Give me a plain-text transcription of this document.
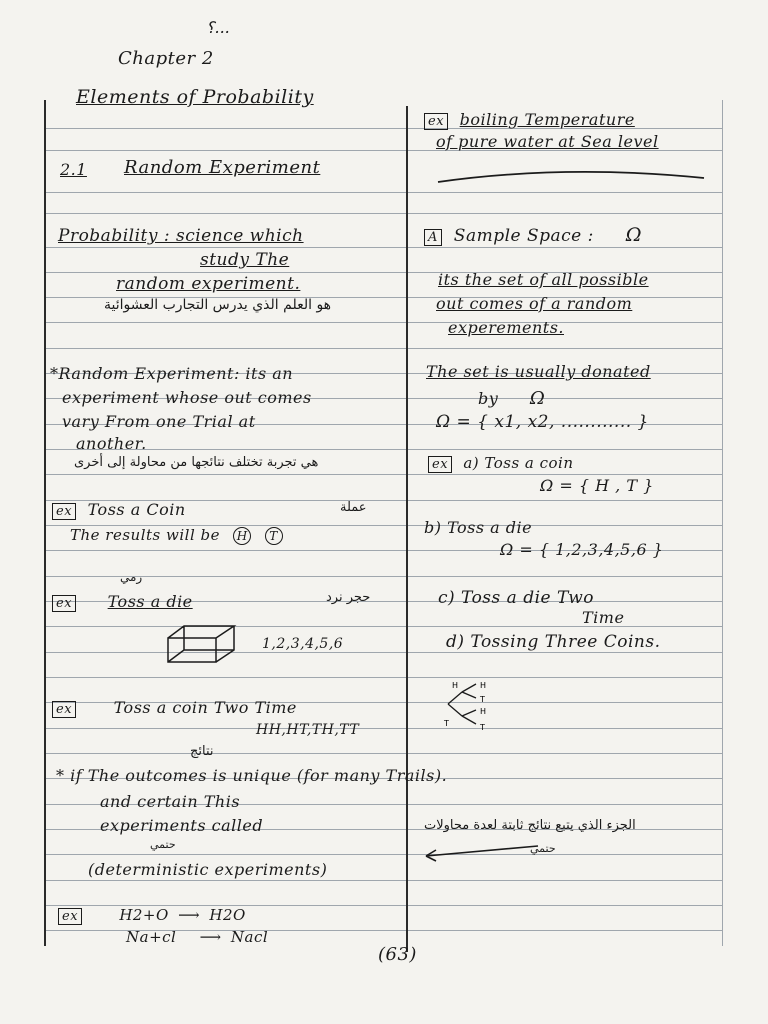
؟...
Chapter 2
Elements of Probability
2.1 Random Experiment
Probability : science which
study The
random experiment.
هو العلم الذي يدرس التجارب العشوائية
*Random Experiment: its an
experiment whose out comes
vary From one Trial at
another.
هي تجربة تختلف نتائجها من محاولة إلى أخرى
ex Toss a Coin	عملة
The results will be H T
رمي
ex Toss a die	حجر نرد
1,2,3,4,5,6
ex	Toss a coin Two Time
HH,HT,TH,TT
نتائج
* if The outcomes is unique (for many Trails).
and certain This
experiments called
حتمي
(deterministic experiments)
ex	H2+O ⟶ H2O
Na+cl ⟶ Nacl
ex boiling Temperature
of pure water at Sea level
A Sample Space : Ω
its the set of all possible
out comes of a random
experements.
The set is usually donated
by Ω
Ω = { x1, x2, ............ }
ex a) Toss a coin
Ω = { H , T }
b) Toss a die
Ω = { 1,2,3,4,5,6 }
c) Toss a die Two
Time
d) Tossing Three Coins.
H	H
T
H
T
T
الجزء الذي يتبع نتائج ثابتة لعدة محاولات
حتمي
(63)
